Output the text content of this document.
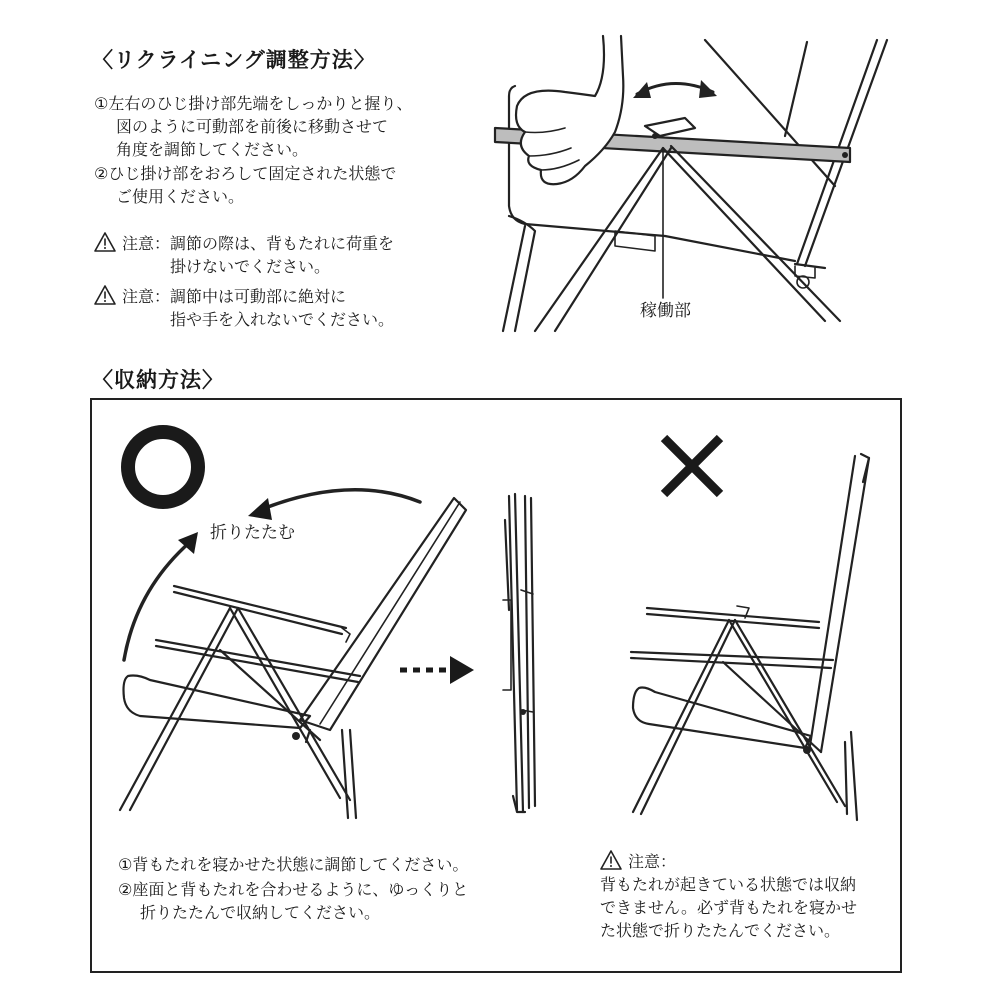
〈リクライニング調整方法〉
①左右のひじ掛け部先端をしっかりと握り、
図のように可動部を前後に移動させて
角度を調節してください。
②ひじ掛け部をおろして固定された状態で
ご使用ください。
注意： 調節の際は、背もたれに荷重を
掛けないでください。
注意： 調節中は可動部に絶対に
指や手を入れないでください。	稼働部
〈収納方法〉
折りたたむ
①背もたれを寝かせた状態に調節してください。
②座面と背もたれを合わせるように、ゆっくりと
折りたたんで収納してください。
注意：
背もたれが起きている状態では収納
できません。必ず背もたれを寝かせ
た状態で折りたたんでください。
